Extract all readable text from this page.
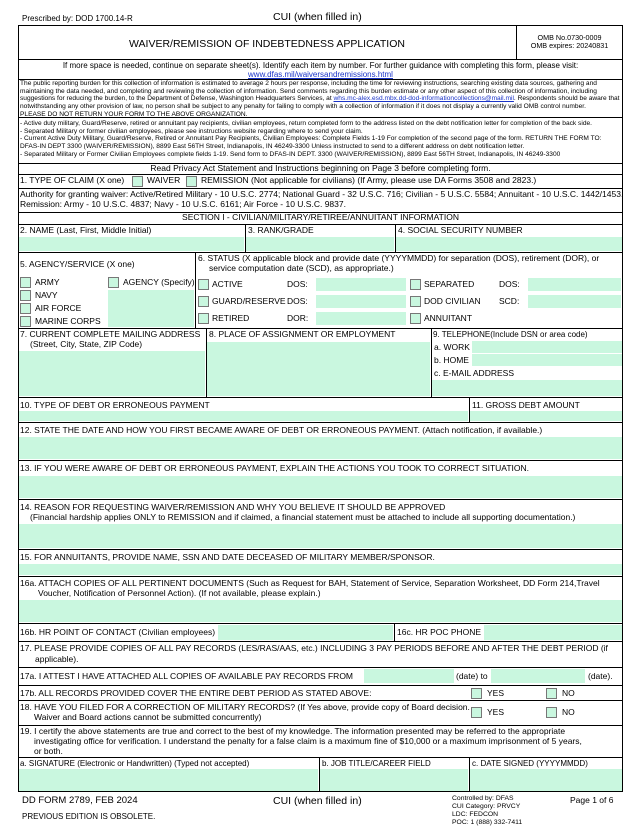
Prescribed by: DOD 1700.14-R	CUI (when filled in)
WAIVER/REMISSION OF INDEBTEDNESS APPLICATION
OMB No.0730-0009
OMB expires: 20240831
If more space is needed, continue on separate sheet(s). Identify each item by number. For further guidance with completing this form, please visit:
www.dfas.mil/waiversandremissions.html
The public reporting burden for this collection of information is estimated to average 2 hours per response, including the time for reviewing instructions, searching existing data sources, gathering and maintaining the data needed, and completing and reviewing the collection of information. Send comments regarding this burden estimate or any other aspect of this collection of information, including suggestions for reducing the burden, to the Department of Defense, Washington Headquarters Services, at whs.mc-alex.esd.mbx.dd-dod-informationcollections@mail.mil. Respondents should be aware that notwithstanding any other provision of law, no person shall be subject to any penalty for failing to comply with a collection of information if it does not display a currently valid OMB control number.
PLEASE DO NOT RETURN YOUR FORM TO THE ABOVE ORGANIZATION.
- Active duty military, Guard/Reserve, retired or annuitant pay recipients, civilian employees, return completed form to the address listed on the debt notification letter for completion of the back side.
- Separated Military or former civilian employees, please see instructions website regarding where to send your claim.
- Current Active Duty Military, Guard/Reserve, Retired or Annuitant Pay Recipients, Civilian Employees: Complete Fields 1-19 For completion of the second page of the form. RETURN THE FORM TO: DFAS-IN DEPT 3300 (WAIVER/REMISSION), 8899 East 56TH Street, Indianapolis, IN 46249-3300 Unless instructed to send to a different address on debt notification letter.
- Separated Military or Former Civilian Employees complete fields 1-19. Send form to DFAS-IN DEPT. 3300 (WAIVER/REMISSION), 8899 East 56TH Street, Indianapolis, IN 46249-3300
Read Privacy Act Statement and Instructions beginning on Page 3 before completing form.
1. TYPE OF CLAIM (X one)	WAIVER REMISSION (Not applicable for civilians) (If Army, please use DA Forms 3508 and 2823.)
Authority for granting waiver: Active/Retired Military - 10 U.S.C. 2774; National Guard - 32 U.S.C. 716; Civilian - 5 U.S.C. 5584; Annuitant - 10 U.S.C. 1442/1453.
Remission: Army - 10 U.S.C. 4837; Navy - 10 U.S.C. 6161; Air Force - 10 U.S.C. 9837.
SECTION I - CIVILIAN/MILITARY/RETIREE/ANNUITANT INFORMATION
2. NAME (Last, First, Middle Initial)	3. RANK/GRADE	4. SOCIAL SECURITY NUMBER
5. AGENCY/SERVICE (X one)
ARMY	AGENCY (Specify)
NAVY
AIR FORCE
MARINE CORPS
6. STATUS (X applicable block and provide date (YYYYMMDD) for separation (DOS), retirement (DOR), or
service computation date (SCD), as appropriate.)
ACTIVE	DOS:	SEPARATED	DOS:
GUARD/RESERVE DOS:	DOD CIVILIAN SCD:
RETIRED	DOR:	ANNUITANT
7. CURRENT COMPLETE MAILING ADDRESS
(Street, City, State, ZIP Code)
8. PLACE OF ASSIGNMENT OR EMPLOYMENT	9. TELEPHONE(Include DSN or area code)
a. WORK
b. HOME
c. E-MAIL ADDRESS
10. TYPE OF DEBT OR ERRONEOUS PAYMENT	11. GROSS DEBT AMOUNT
12. STATE THE DATE AND HOW YOU FIRST BECAME AWARE OF DEBT OR ERRONEOUS PAYMENT. (Attach notification, if available.)
13. IF YOU WERE AWARE OF DEBT OR ERRONEOUS PAYMENT, EXPLAIN THE ACTIONS YOU TOOK TO CORRECT SITUATION.
14. REASON FOR REQUESTING WAIVER/REMISSION AND WHY YOU BELIEVE IT SHOULD BE APPROVED
(Financial hardship applies ONLY to REMISSION and if claimed, a financial statement must be attached to include all supporting documentation.)
15. FOR ANNUITANTS, PROVIDE NAME, SSN AND DATE DECEASED OF MILITARY MEMBER/SPONSOR.
16a. ATTACH COPIES OF ALL PERTINENT DOCUMENTS (Such as Request for BAH, Statement of Service, Separation Worksheet, DD Form 214,Travel
Voucher, Notification of Personnel Action). (If not available, please explain.)
16b. HR POINT OF CONTACT (Civilian employees)	16c. HR POC PHONE
17. PLEASE PROVIDE COPIES OF ALL PAY RECORDS (LES/RAS/AAS, etc.) INCLUDING 3 PAY PERIODS BEFORE AND AFTER THE DEBT PERIOD (if
applicable).
17a. I ATTEST I HAVE ATTACHED ALL COPIES OF AVAILABLE PAY RECORDS FROM	(date) to	(date).
17b. ALL RECORDS PROVIDED COVER THE ENTIRE DEBT PERIOD AS STATED ABOVE:	YES	NO
18. HAVE YOU FILED FOR A CORRECTION OF MILITARY RECORDS? (If Yes above, provide copy of Board decision.
Waiver and Board actions cannot be submitted concurrently)	YES	NO
19. I certify the above statements are true and correct to the best of my knowledge. The information presented may be referred to the appropriate
investigating office for verification. I understand the penalty for a false claim is a maximum fine of $10,000 or a maximum imprisonment of 5 years,
or both.
a. SIGNATURE (Electronic or Handwritten) (Typed not accepted)	b. JOB TITLE/CAREER FIELD	c. DATE SIGNED (YYYYMMDD)
DD FORM 2789, FEB 2024
PREVIOUS EDITION IS OBSOLETE.
CUI (when filled in)	Controlled by: DFAS
CUI Category: PRVCY
LDC: FEDCON
POC: 1 (888) 332-7411
Page 1 of 6
